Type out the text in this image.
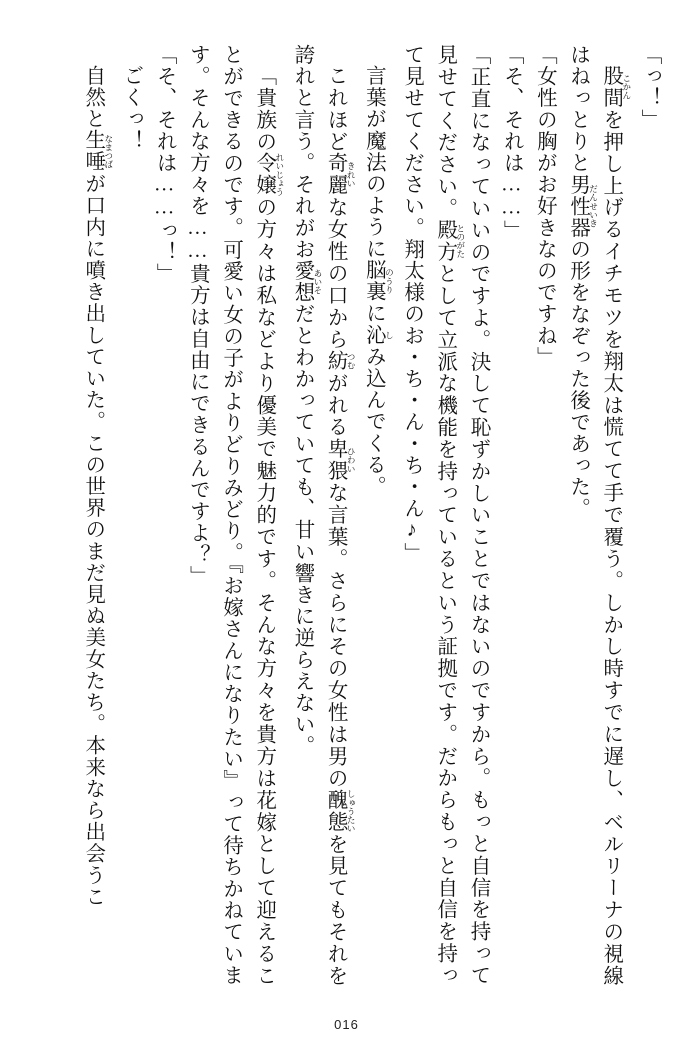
「っ！」

股間 こかんを押し上げるイチモツを翔太は慌てて手で覆う。しかし時すでに遅し、ベルリーナの視線はねっとりと男性器 だんせいきの形をなぞった後であった。

「女性の胸がお好きなのですね」

「そ、それは……」

「正直になっていいのですよ。決して恥ずかしいことではないのですから。もっと自信を持って見せてください。殿方 とのがたとして立派な機能を持っているという証拠です。だからもっと自信を持って見せてください。翔太様のお・ち・ん・ち・ん♪」

言葉が魔法のように脳裏 のうりに沁 しみ込んでくる。

これほど奇麗 きれいな女性の口から紡 つむがれる卑猥 ひわいな言葉。さらにその女性は男の醜態 しゅうたいを見てもそれを誇れと言う。それがお愛想 あいそだとわかっていても、甘い響きに逆らえない。

「貴族の令嬢 れいじょうの方々は私などより優美で魅力的です。そんな方々を貴方は花嫁として迎えることができるのです。可愛い女の子がよりどりみどり。『お嫁さんになりたい』って待ちかねています。そんな方々を……貴方は自由にできるんですよ？」

「そ、それは……っ！」

ごくっ！

自然と生唾 なまつばが口内に噴き出していた。この世界のまだ見ぬ美女たち。本来なら出会うこ

016
